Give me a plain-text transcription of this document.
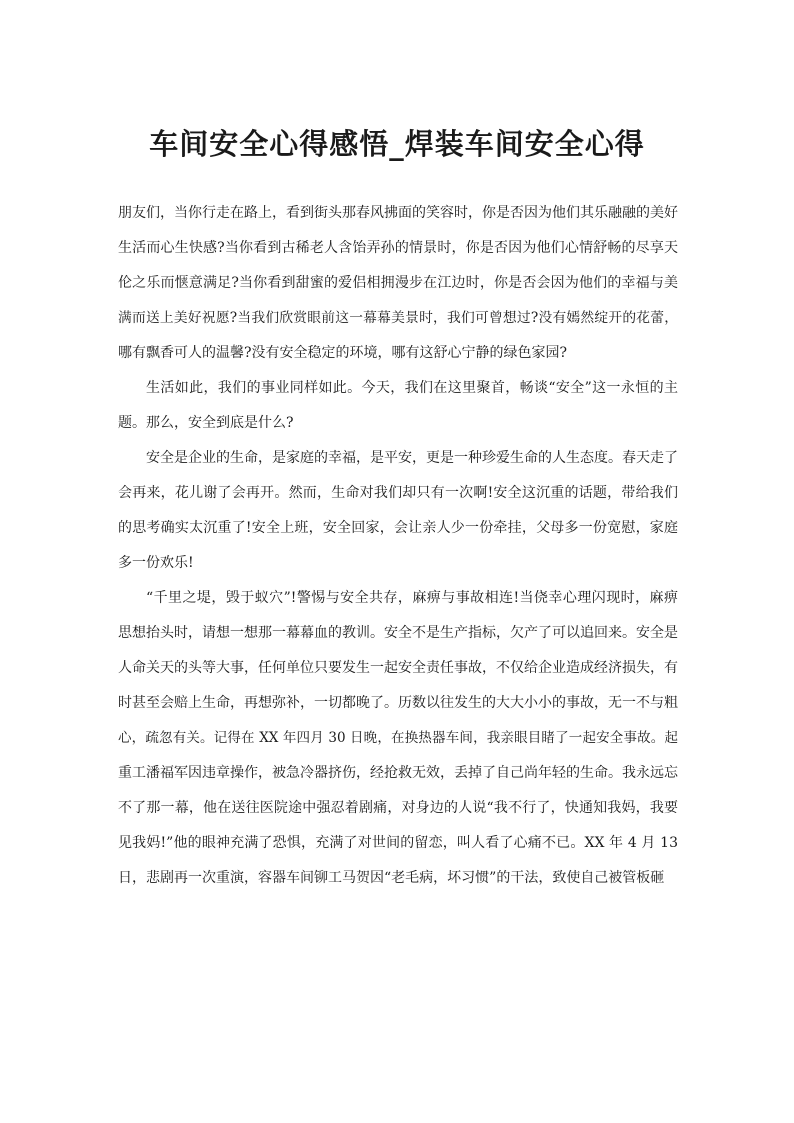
车间安全心得感悟_焊装车间安全心得
朋友们，当你行走在路上，看到街头那春风拂面的笑容时，你是否因为他们其乐融融的美好
生活而心生快感?当你看到古稀老人含饴弄孙的情景时，你是否因为他们心情舒畅的尽享天
伦之乐而惬意满足?当你看到甜蜜的爱侣相拥漫步在江边时，你是否会因为他们的幸福与美
满而送上美好祝愿?当我们欣赏眼前这一幕幕美景时，我们可曾想过?没有嫣然绽开的花蕾，
哪有飘香可人的温馨?没有安全稳定的环境，哪有这舒心宁静的绿色家园?
生活如此，我们的事业同样如此。今天，我们在这里聚首，畅谈“安全”这一永恒的主
题。那么，安全到底是什么?
安全是企业的生命，是家庭的幸福，是平安，更是一种珍爱生命的人生态度。春天走了
会再来，花儿谢了会再开。然而，生命对我们却只有一次啊!安全这沉重的话题，带给我们
的思考确实太沉重了!安全上班，安全回家，会让亲人少一份牵挂，父母多一份宽慰，家庭
多一份欢乐!
“千里之堤，毁于蚁穴”!警惕与安全共存，麻痹与事故相连!当侥幸心理闪现时，麻痹
思想抬头时，请想一想那一幕幕血的教训。安全不是生产指标，欠产了可以追回来。安全是
人命关天的头等大事，任何单位只要发生一起安全责任事故，不仅给企业造成经济损失，有
时甚至会赔上生命，再想弥补，一切都晚了。历数以往发生的大大小小的事故，无一不与粗
心，疏忽有关。记得在 XX 年四月 30 日晚，在换热器车间，我亲眼目睹了一起安全事故。起
重工潘福军因违章操作，被急冷器挤伤，经抢救无效，丢掉了自己尚年轻的生命。我永远忘
不了那一幕，他在送往医院途中强忍着剧痛，对身边的人说“我不行了，快通知我妈，我要
见我妈!”他的眼神充满了恐惧，充满了对世间的留恋，叫人看了心痛不已。XX 年 4 月 13
日，悲剧再一次重演，容器车间铆工马贺因“老毛病，坏习惯”的干法，致使自己被管板砸
